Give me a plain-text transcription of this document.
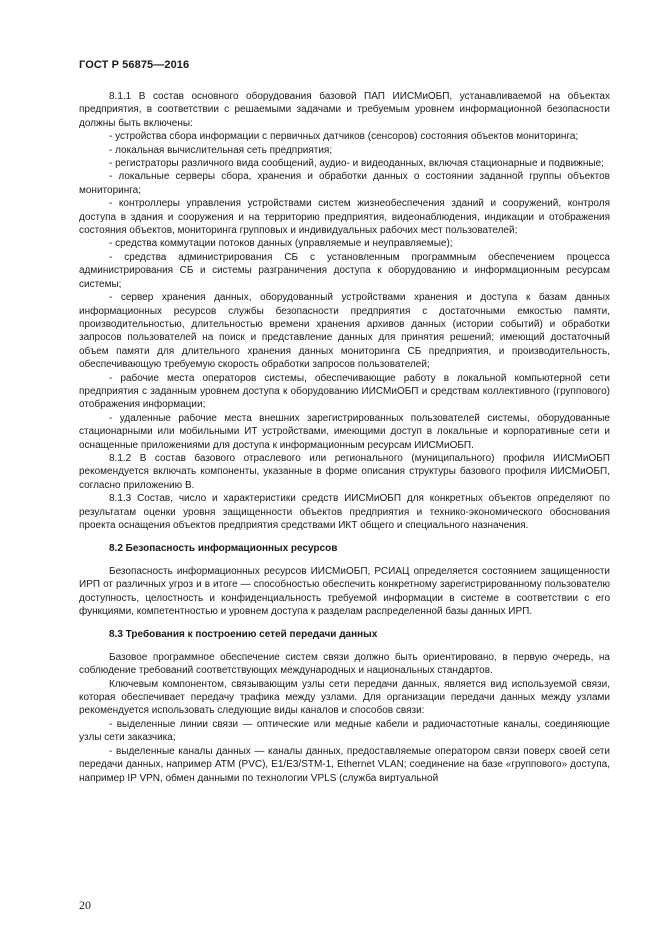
ГОСТ Р 56875—2016

8.1.1 В состав основного оборудования базовой ПАП ИИСМиОБП, устанавливаемой на объектах предприятия, в соответствии с решаемыми задачами и требуемым уровнем информационной безопасности должны быть включены:

- устройства сбора информации с первичных датчиков (сенсоров) состояния объектов мониторинга;

- локальная вычислительная сеть предприятия;

- регистраторы различного вида сообщений, аудио- и видеоданных, включая стационарные и подвижные;

- локальные серверы сбора, хранения и обработки данных о состоянии заданной группы объектов мониторинга;

- контроллеры управления устройствами систем жизнеобеспечения зданий и сооружений, контроля доступа в здания и сооружения и на территорию предприятия, видеонаблюдения, индикации и отображения состояния объектов, мониторинга групповых и индивидуальных рабочих мест пользователей;

- средства коммутации потоков данных (управляемые и неуправляемые);

- средства администрирования СБ с установленным программным обеспечением процесса администрирования СБ и системы разграничения доступа к оборудованию и информационным ресурсам системы;

- сервер хранения данных, оборудованный устройствами хранения и доступа к базам данных информационных ресурсов службы безопасности предприятия с достаточными емкостью памяти, производительностью, длительностью времени хранения архивов данных (истории событий) и обработки запросов пользователей на поиск и представление данных для принятия решений; имеющий достаточный объем памяти для длительного хранения данных мониторинга СБ предприятия, и производительность, обеспечивающую требуемую скорость обработки запросов пользователей;

- рабочие места операторов системы, обеспечивающие работу в локальной компьютерной сети предприятия с заданным уровнем доступа к оборудованию ИИСМиОБП и средствам коллективного (группового) отображения информации;

- удаленные рабочие места внешних зарегистрированных пользователей системы, оборудованные стационарными или мобильными ИТ устройствами, имеющими доступ в локальные и корпоративные сети и оснащенные приложениями для доступа к информационным ресурсам ИИСМиОБП.

8.1.2 В состав базового отраслевого или регионального (муниципального) профиля ИИСМиОБП рекомендуется включать компоненты, указанные в форме описания структуры базового профиля ИИСМиОБП, согласно приложению В.

8.1.3 Состав, число и характеристики средств ИИСМиОБП для конкретных объектов определяют по результатам оценки уровня защищенности объектов предприятия и технико-экономического обоснования проекта оснащения объектов предприятия средствами ИКТ общего и специального назначения.

8.2 Безопасность информационных ресурсов

Безопасность информационных ресурсов ИИСМиОБП, РСИАЦ определяется состоянием защищенности ИРП от различных угроз и в итоге — способностью обеспечить конкретному зарегистрированному пользователю доступность, целостность и конфиденциальность требуемой информации в системе в соответствии с его функциями, компетентностью и уровнем доступа к разделам распределенной базы данных ИРП.

8.3 Требования к построению сетей передачи данных

Базовое программное обеспечение систем связи должно быть ориентировано, в первую очередь, на соблюдение требований соответствующих международных и национальных стандартов.

Ключевым компонентом, связывающим узлы сети передачи данных, является вид используемой связи, которая обеспечивает передачу трафика между узлами. Для организации передачи данных между узлами рекомендуется использовать следующие виды каналов и способов связи:

- выделенные линии связи — оптические или медные кабели и радиочастотные каналы, соединяющие узлы сети заказчика;

- выделенные каналы данных — каналы данных, предоставляемые оператором связи поверх своей сети передачи данных, например ATM (PVC), E1/E3/STM-1, Ethernet VLAN; соединение на базе «группового» доступа, например IP VPN, обмен данными по технологии VPLS (служба виртуальной

20
